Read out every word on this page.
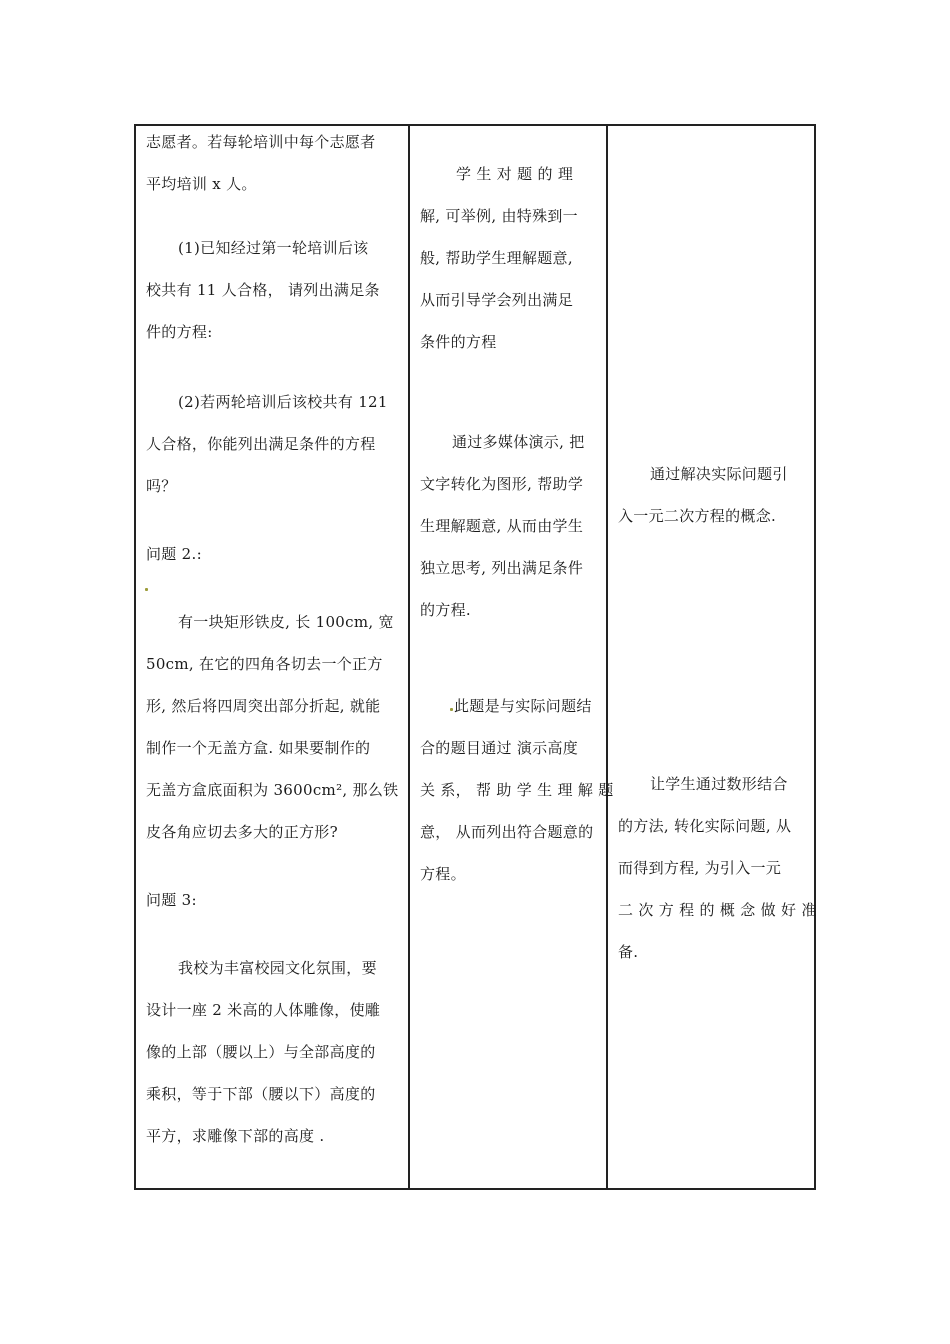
志愿者。若每轮培训中每个志愿者
平均培训 x 人。
(1)已知经过第一轮培训后该
校共有 11 人合格， 请列出满足条
件的方程:
(2)若两轮培训后该校共有 121
人合格，你能列出满足条件的方程
吗？
问题 2.:
有一块矩形铁皮, 长 100cm, 宽
50cm, 在它的四角各切去一个正方
形, 然后将四周突出部分折起, 就能
制作一个无盖方盒. 如果要制作的
无盖方盒底面积为 3600cm², 那么铁
皮各角应切去多大的正方形?
问题 3:
我校为丰富校园文化氛围，要
设计一座 2 米高的人体雕像，使雕
像的上部（腰以上）与全部高度的
乘积，等于下部（腰以下）高度的
平方，求雕像下部的高度 .
学 生 对 题 的 理
解, 可举例, 由特殊到一
般, 帮助学生理解题意,
从而引导学会列出满足
条件的方程
通过多媒体演示, 把
文字转化为图形, 帮助学
生理解题意, 从而由学生
独立思考, 列出满足条件
的方程.
此题是与实际问题结
合的题目通过 演示高度
关 系， 帮 助 学 生 理 解 题
意， 从而列出符合题意的
方程。
通过解决实际问题引
入一元二次方程的概念.
让学生通过数形结合
的方法, 转化实际问题, 从
而得到方程, 为引入一元
二 次 方 程 的 概 念 做 好 准
备.
